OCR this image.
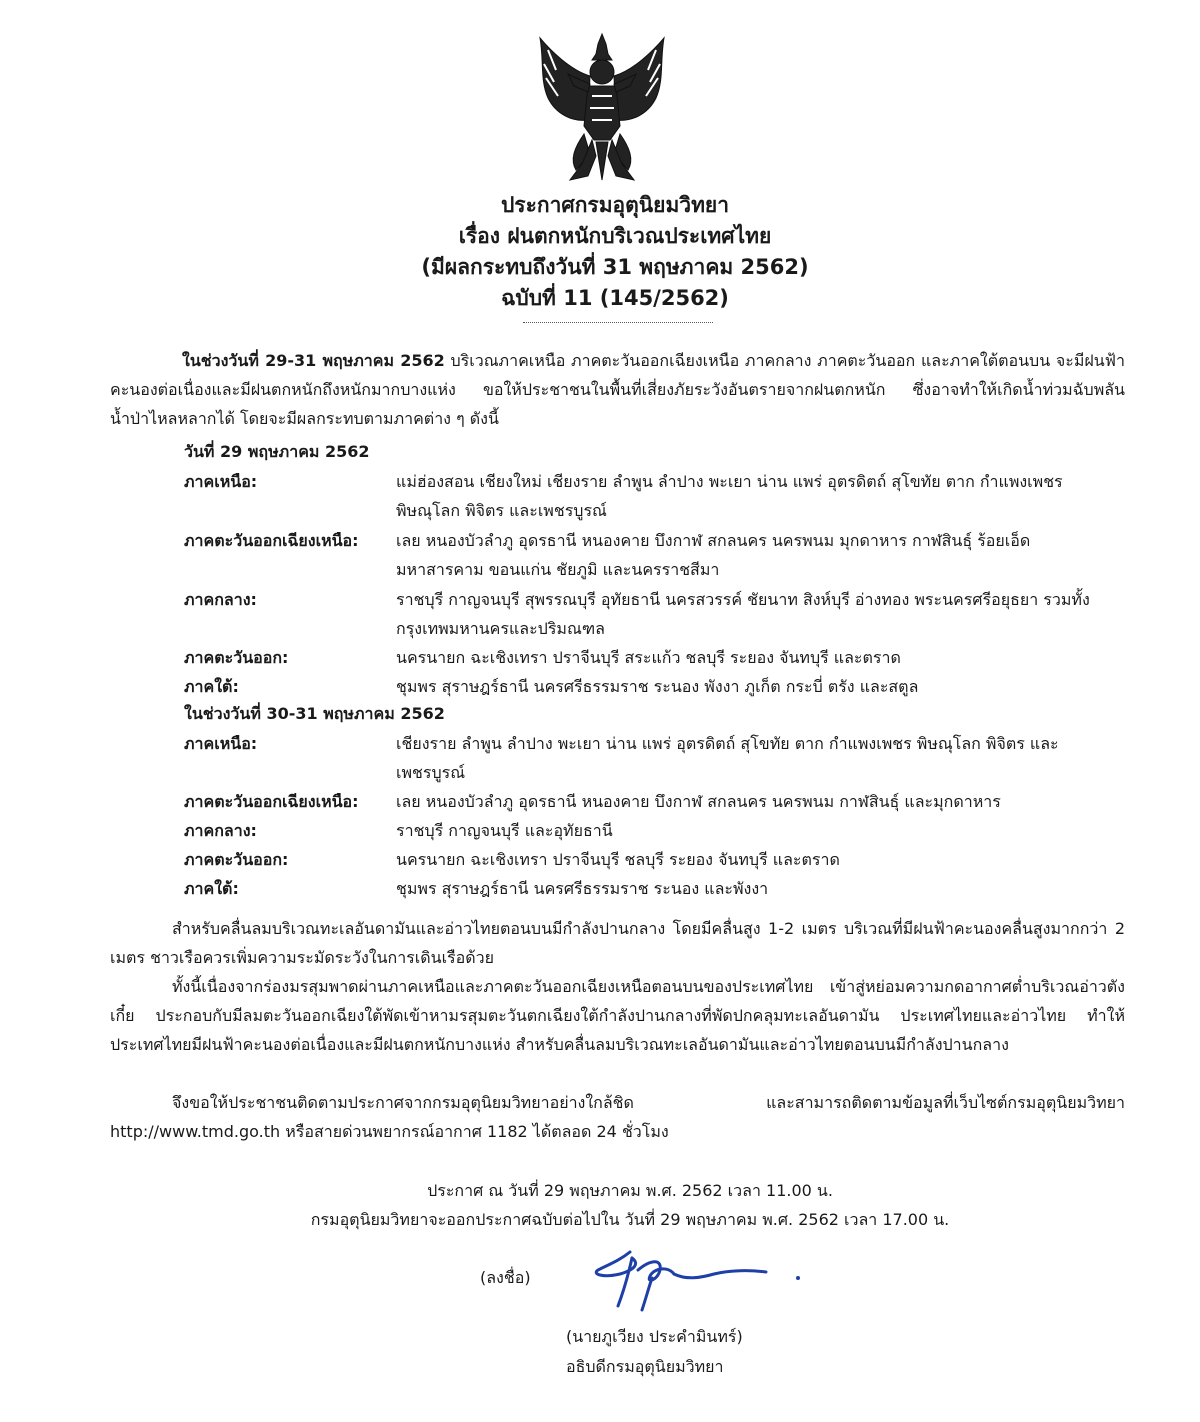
ประกาศกรมอุตุนิยมวิทยา
เรื่อง ฝนตกหนักบริเวณประเทศไทย
(มีผลกระทบถึงวันที่ 31 พฤษภาคม 2562)
ฉบับที่ 11 (145/2562)
ในช่วงวันที่ 29-31 พฤษภาคม 2562 บริเวณภาคเหนือ ภาคตะวันออกเฉียงเหนือ ภาคกลาง ภาคตะวันออก และภาคใต้ตอนบน จะมีฝนฟ้าคะนองต่อเนื่องและมีฝนตกหนักถึงหนักมากบางแห่ง ขอให้ประชาชนในพื้นที่เสี่ยงภัยระวังอันตรายจากฝนตกหนัก ซึ่งอาจทำให้เกิดน้ำท่วมฉับพลัน น้ำป่าไหลหลากได้ โดยจะมีผลกระทบตามภาคต่าง ๆ ดังนี้
วันที่ 29 พฤษภาคม 2562
ภาคเหนือ:	แม่ฮ่องสอน เชียงใหม่ เชียงราย ลำพูน ลำปาง พะเยา น่าน แพร่ อุตรดิตถ์ สุโขทัย ตาก กำแพงเพชร พิษณุโลก พิจิตร และเพชรบูรณ์
ภาคตะวันออกเฉียงเหนือ: เลย หนองบัวลำภู อุดรธานี หนองคาย บึงกาฬ สกลนคร นครพนม มุกดาหาร กาฬสินธุ์ ร้อยเอ็ด มหาสารคาม ขอนแก่น ชัยภูมิ และนครราชสีมา
ภาคกลาง:	ราชบุรี กาญจนบุรี สุพรรณบุรี อุทัยธานี นครสวรรค์ ชัยนาท สิงห์บุรี อ่างทอง พระนครศรีอยุธยา รวมทั้งกรุงเทพมหานครและปริมณฑล
ภาคตะวันออก:	นครนายก ฉะเชิงเทรา ปราจีนบุรี สระแก้ว ชลบุรี ระยอง จันทบุรี และตราด
ภาคใต้:	ชุมพร สุราษฎร์ธานี นครศรีธรรมราช ระนอง พังงา ภูเก็ต กระบี่ ตรัง และสตูล
ในช่วงวันที่ 30-31 พฤษภาคม 2562
ภาคเหนือ:	เชียงราย ลำพูน ลำปาง พะเยา น่าน แพร่ อุตรดิตถ์ สุโขทัย ตาก กำแพงเพชร พิษณุโลก พิจิตร และเพชรบูรณ์
ภาคตะวันออกเฉียงเหนือ: เลย หนองบัวลำภู อุดรธานี หนองคาย บึงกาฬ สกลนคร นครพนม กาฬสินธุ์ และมุกดาหาร
ภาคกลาง:	ราชบุรี กาญจนบุรี และอุทัยธานี
ภาคตะวันออก:	นครนายก ฉะเชิงเทรา ปราจีนบุรี ชลบุรี ระยอง จันทบุรี และตราด
ภาคใต้:	ชุมพร สุราษฎร์ธานี นครศรีธรรมราช ระนอง และพังงา
สำหรับคลื่นลมบริเวณทะเลอันดามันและอ่าวไทยตอนบนมีกำลังปานกลาง โดยมีคลื่นสูง 1-2 เมตร บริเวณที่มีฝนฟ้าคะนองคลื่นสูงมากกว่า 2 เมตร ชาวเรือควรเพิ่มความระมัดระวังในการเดินเรือด้วย
ทั้งนี้เนื่องจากร่องมรสุมพาดผ่านภาคเหนือและภาคตะวันออกเฉียงเหนือตอนบนของประเทศไทย เข้าสู่หย่อมความกดอากาศต่ำบริเวณอ่าวตังเกี๋ย ประกอบกับมีลมตะวันออกเฉียงใต้พัดเข้าหามรสุมตะวันตกเฉียงใต้กำลังปานกลางที่พัดปกคลุมทะเลอันดามัน ประเทศไทยและอ่าวไทย ทำให้ประเทศไทยมีฝนฟ้าคะนองต่อเนื่องและมีฝนตกหนักบางแห่ง สำหรับคลื่นลมบริเวณทะเลอันดามันและอ่าวไทยตอนบนมีกำลังปานกลาง
จึงขอให้ประชาชนติดตามประกาศจากกรมอุตุนิยมวิทยาอย่างใกล้ชิด และสามารถติดตามข้อมูลที่เว็บไซต์กรมอุตุนิยมวิทยา http://www.tmd.go.th หรือสายด่วนพยากรณ์อากาศ 1182 ได้ตลอด 24 ชั่วโมง
ประกาศ ณ วันที่ 29 พฤษภาคม พ.ศ. 2562 เวลา 11.00 น.
กรมอุตุนิยมวิทยาจะออกประกาศฉบับต่อไปใน วันที่ 29 พฤษภาคม พ.ศ. 2562 เวลา 17.00 น.
(ลงชื่อ)
(นายภูเวียง ประคำมินทร์)
อธิบดีกรมอุตุนิยมวิทยา
